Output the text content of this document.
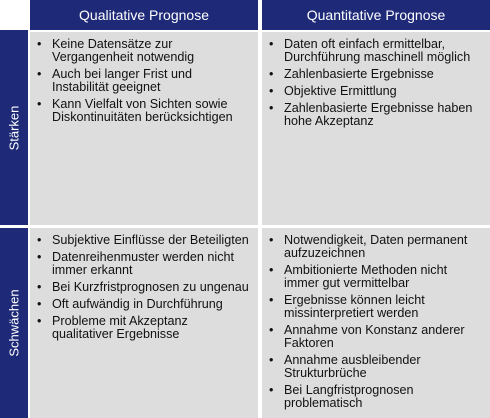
Qualitative Prognose	Quantitative Prognose
Stärken
Schwächen
• Keine Datensätze zur Vergangenheit notwendig
• Auch bei langer Frist und Instabilität geeignet
• Kann Vielfalt von Sichten sowie Diskontinuitäten berücksichtigen
• Daten oft einfach ermittelbar, Durchführung maschinell möglich
• Zahlenbasierte Ergebnisse
• Objektive Ermittlung
• Zahlenbasierte Ergebnisse haben hohe Akzeptanz
• Subjektive Einflüsse der Beteiligten
• Datenreihenmuster werden nicht immer erkannt
• Bei Kurzfristprognosen zu ungenau
• Oft aufwändig in Durchführung
• Probleme mit Akzeptanz qualitativer Ergebnisse
• Notwendigkeit, Daten permanent aufzuzeichnen
• Ambitionierte Methoden nicht immer gut vermittelbar
• Ergebnisse können leicht missinterpretiert werden
• Annahme von Konstanz anderer Faktoren
• Annahme ausbleibender Strukturbrüche
• Bei Langfristprognosen problematisch
